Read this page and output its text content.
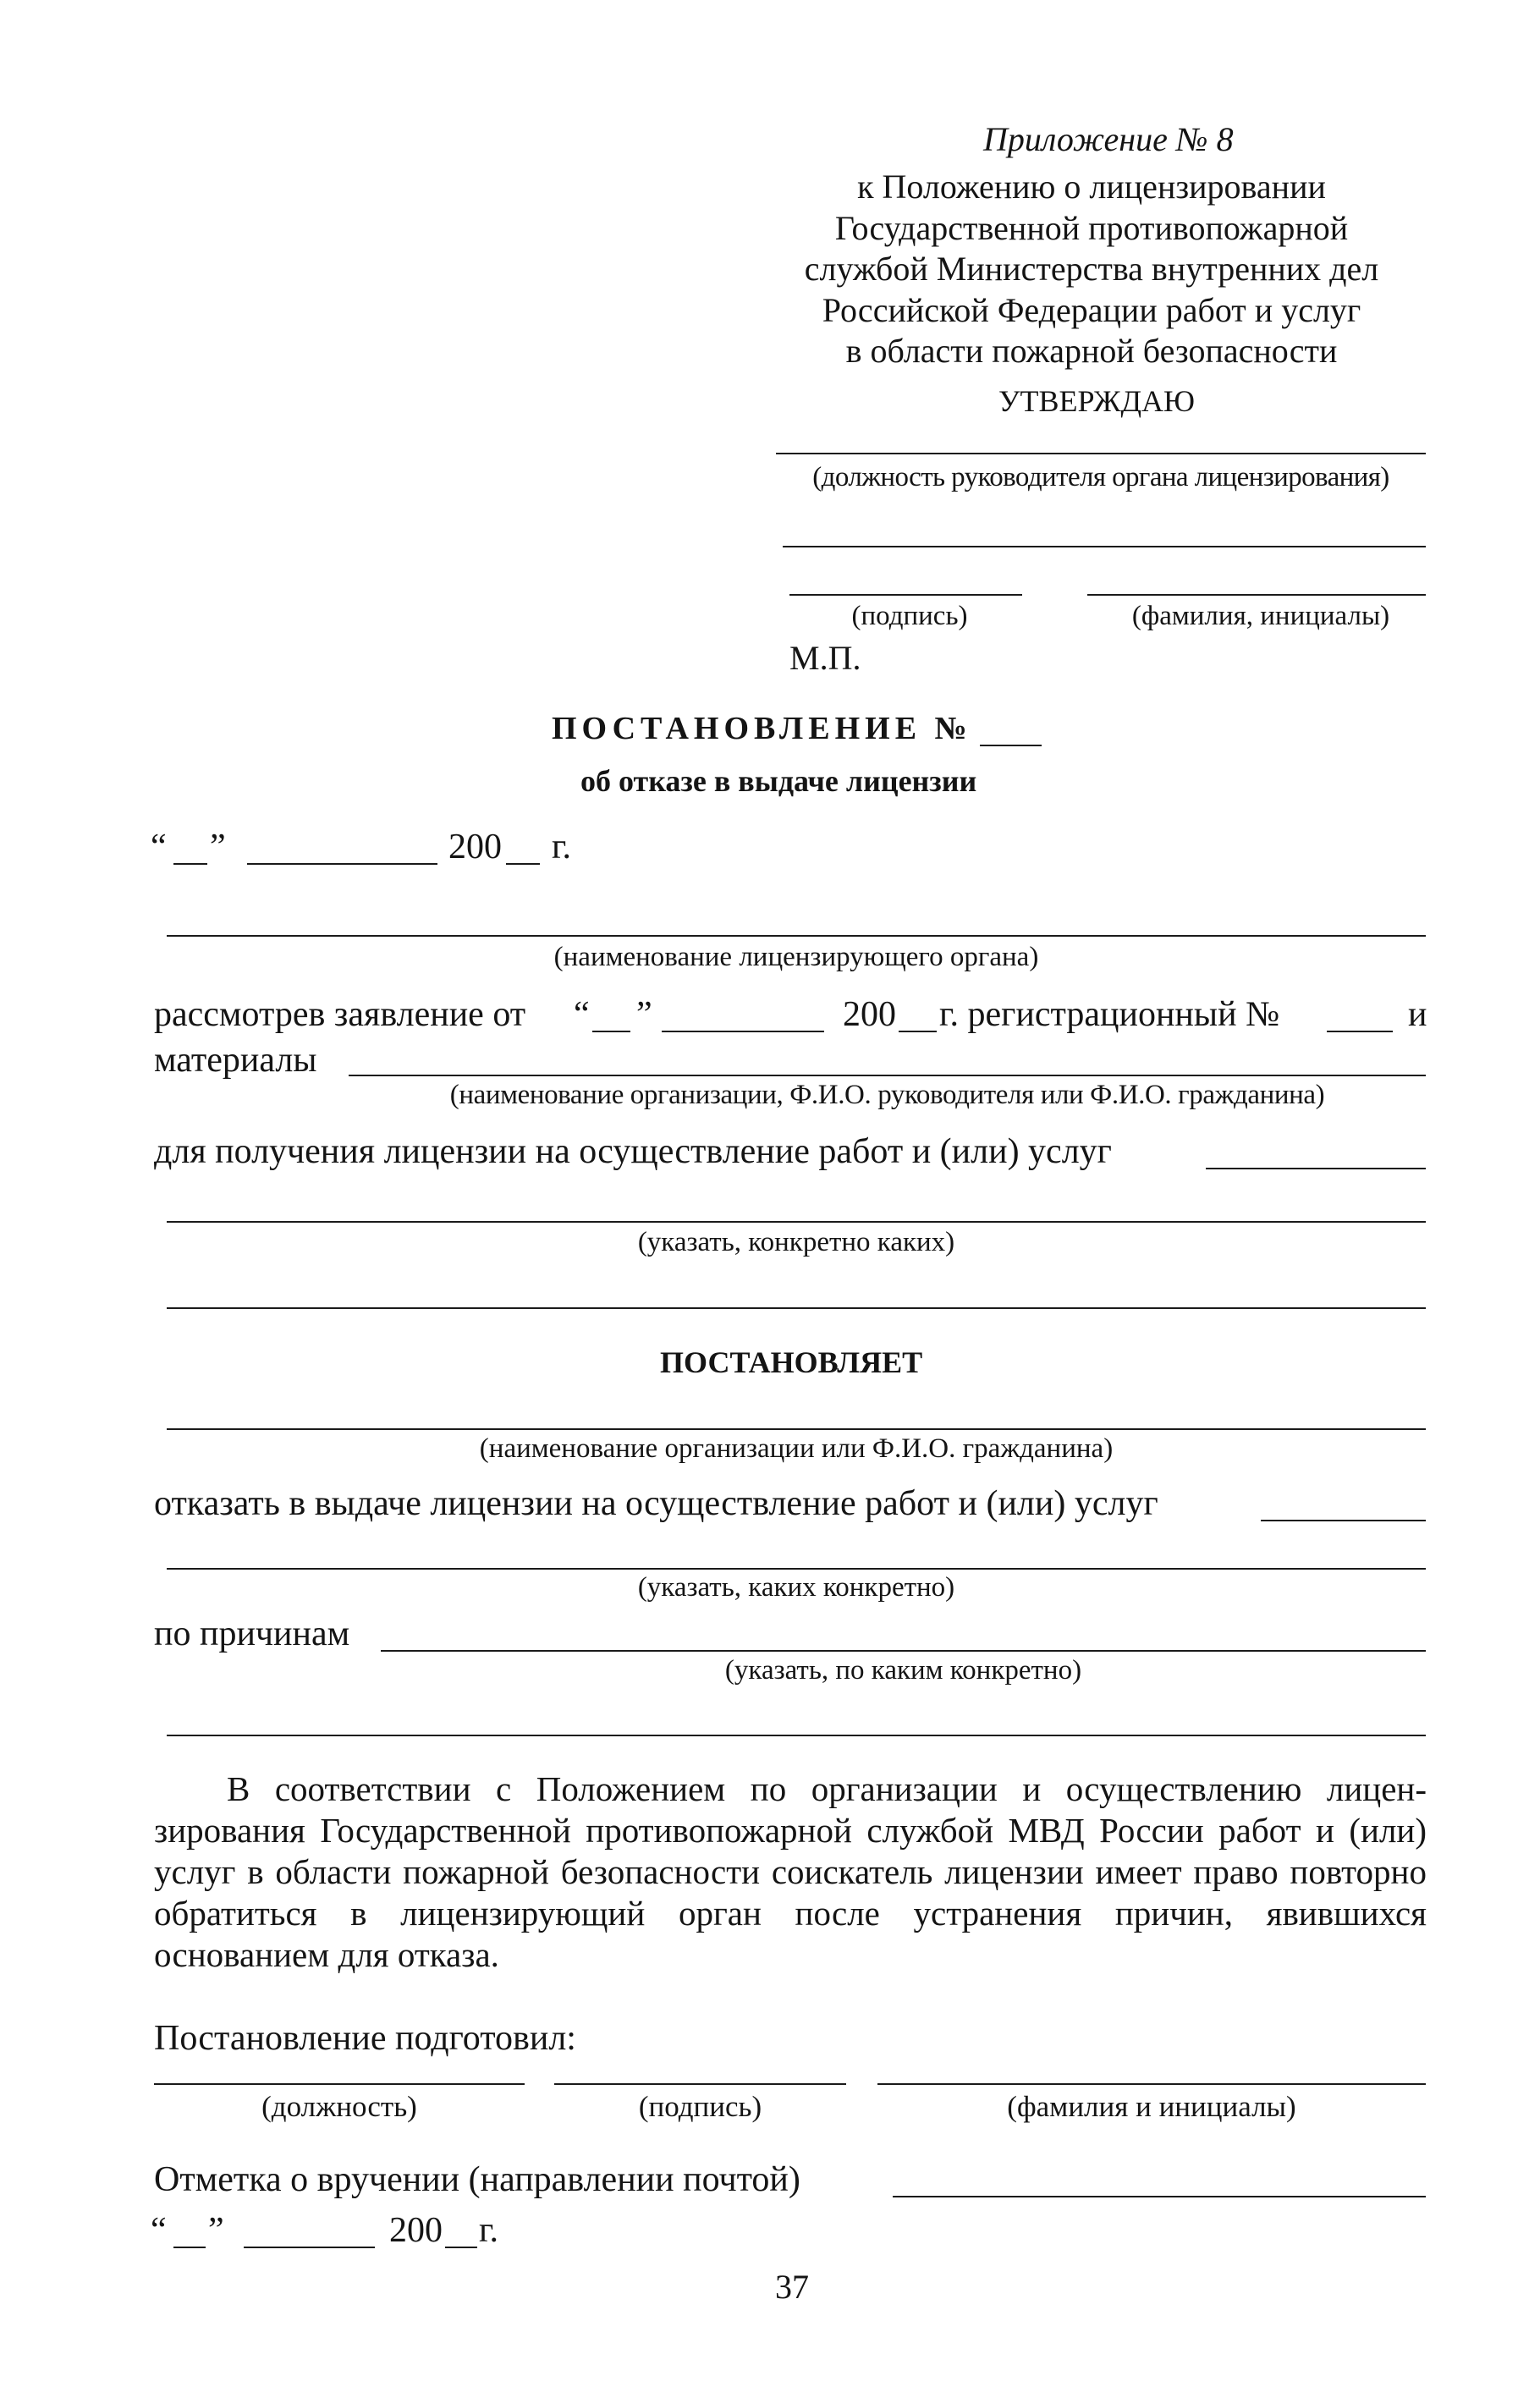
Приложение № 8
к Положению о лицензировании
Государственной противопожарной
службой Министерства внутренних дел
Российской Федерации работ и услуг
в области пожарной безопасности
УТВЕРЖДАЮ
(должность руководителя органа лицензирования)
(подпись)	(фамилия, инициалы)
М.П.
ПОСТАНОВЛЕНИЕ №
об отказе в выдаче лицензии
“ ”	200 г.
(наименование лицензирующего органа)
рассмотрев заявление от “ ”	200 г. регистрационный №	и
материалы
(наименование организации, Ф.И.О. руководителя или Ф.И.О. гражданина)
для получения лицензии на осуществление работ и (или) услуг
(указать, конкретно каких)
ПОСТАНОВЛЯЕТ
(наименование организации или Ф.И.О. гражданина)
отказать в выдаче лицензии на осуществление работ и (или) услуг
(указать, каких конкретно)
по причинам
(указать, по каким конкретно)
В соответствии с Положением по организации и осуществлению лицен-зирования Государственной противопожарной службой МВД России работ и (или) услуг в области пожарной безопасности соискатель лицензии имеет право повторно обратиться в лицензирующий орган после устранения причин, явившихся основанием для отказа.
Постановление подготовил:
(должность)	(подпись)	(фамилия и инициалы)
Отметка о вручении (направлении почтой)
“ ”	200 г.
37
